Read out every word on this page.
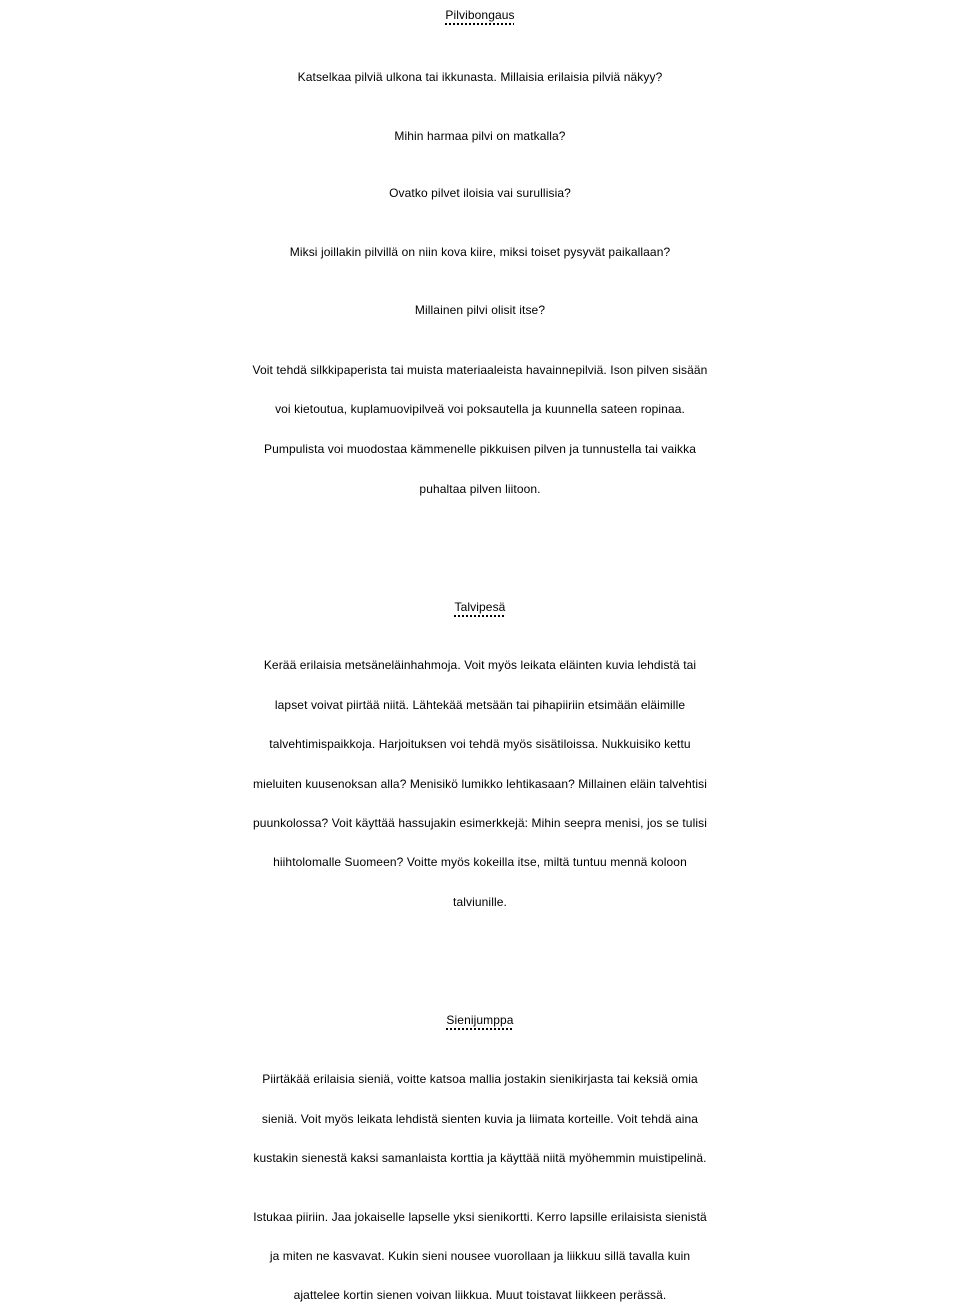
Pilvibongaus
Katselkaa pilviä ulkona tai ikkunasta. Millaisia erilaisia pilviä näkyy?
Mihin harmaa pilvi on matkalla?
Ovatko pilvet iloisia vai surullisia?
Miksi joillakin pilvillä on niin kova kiire, miksi toiset pysyvät paikallaan?
Millainen pilvi olisit itse?
Voit tehdä silkkipaperista tai muista materiaaleista havainnepilviä. Ison pilven sisään
voi kietoutua, kuplamuovipilveä voi poksautella ja kuunnella sateen ropinaa.
Pumpulista voi muodostaa kämmenelle pikkuisen pilven ja tunnustella tai vaikka
puhaltaa pilven liitoon.
Talvipesä
Kerää erilaisia metsäneläinhahmoja. Voit myös leikata eläinten kuvia lehdistä tai
lapset voivat piirtää niitä. Lähtekää metsään tai pihapiiriin etsimään eläimille
talvehtimispaikkoja. Harjoituksen voi tehdä myös sisätiloissa. Nukkuisiko kettu
mieluiten kuusenoksan alla? Menisikö lumikko lehtikasaan? Millainen eläin talvehtisi
puunkolossa? Voit käyttää hassujakin esimerkkejä: Mihin seepra menisi, jos se tulisi
hiihtolomalle Suomeen? Voitte myös kokeilla itse, miltä tuntuu mennä koloon
talviunille.
Sienijumppa
Piirtäkää erilaisia sieniä, voitte katsoa mallia jostakin sienikirjasta tai keksiä omia
sieniä. Voit myös leikata lehdistä sienten kuvia ja liimata korteille. Voit tehdä aina
kustakin sienestä kaksi samanlaista korttia ja käyttää niitä myöhemmin muistipelinä.
Istukaa piiriin. Jaa jokaiselle lapselle yksi sienikortti. Kerro lapsille erilaisista sienistä
ja miten ne kasvavat. Kukin sieni nousee vuorollaan ja liikkuu sillä tavalla kuin
ajattelee kortin sienen voivan liikkua. Muut toistavat liikkeen perässä.
